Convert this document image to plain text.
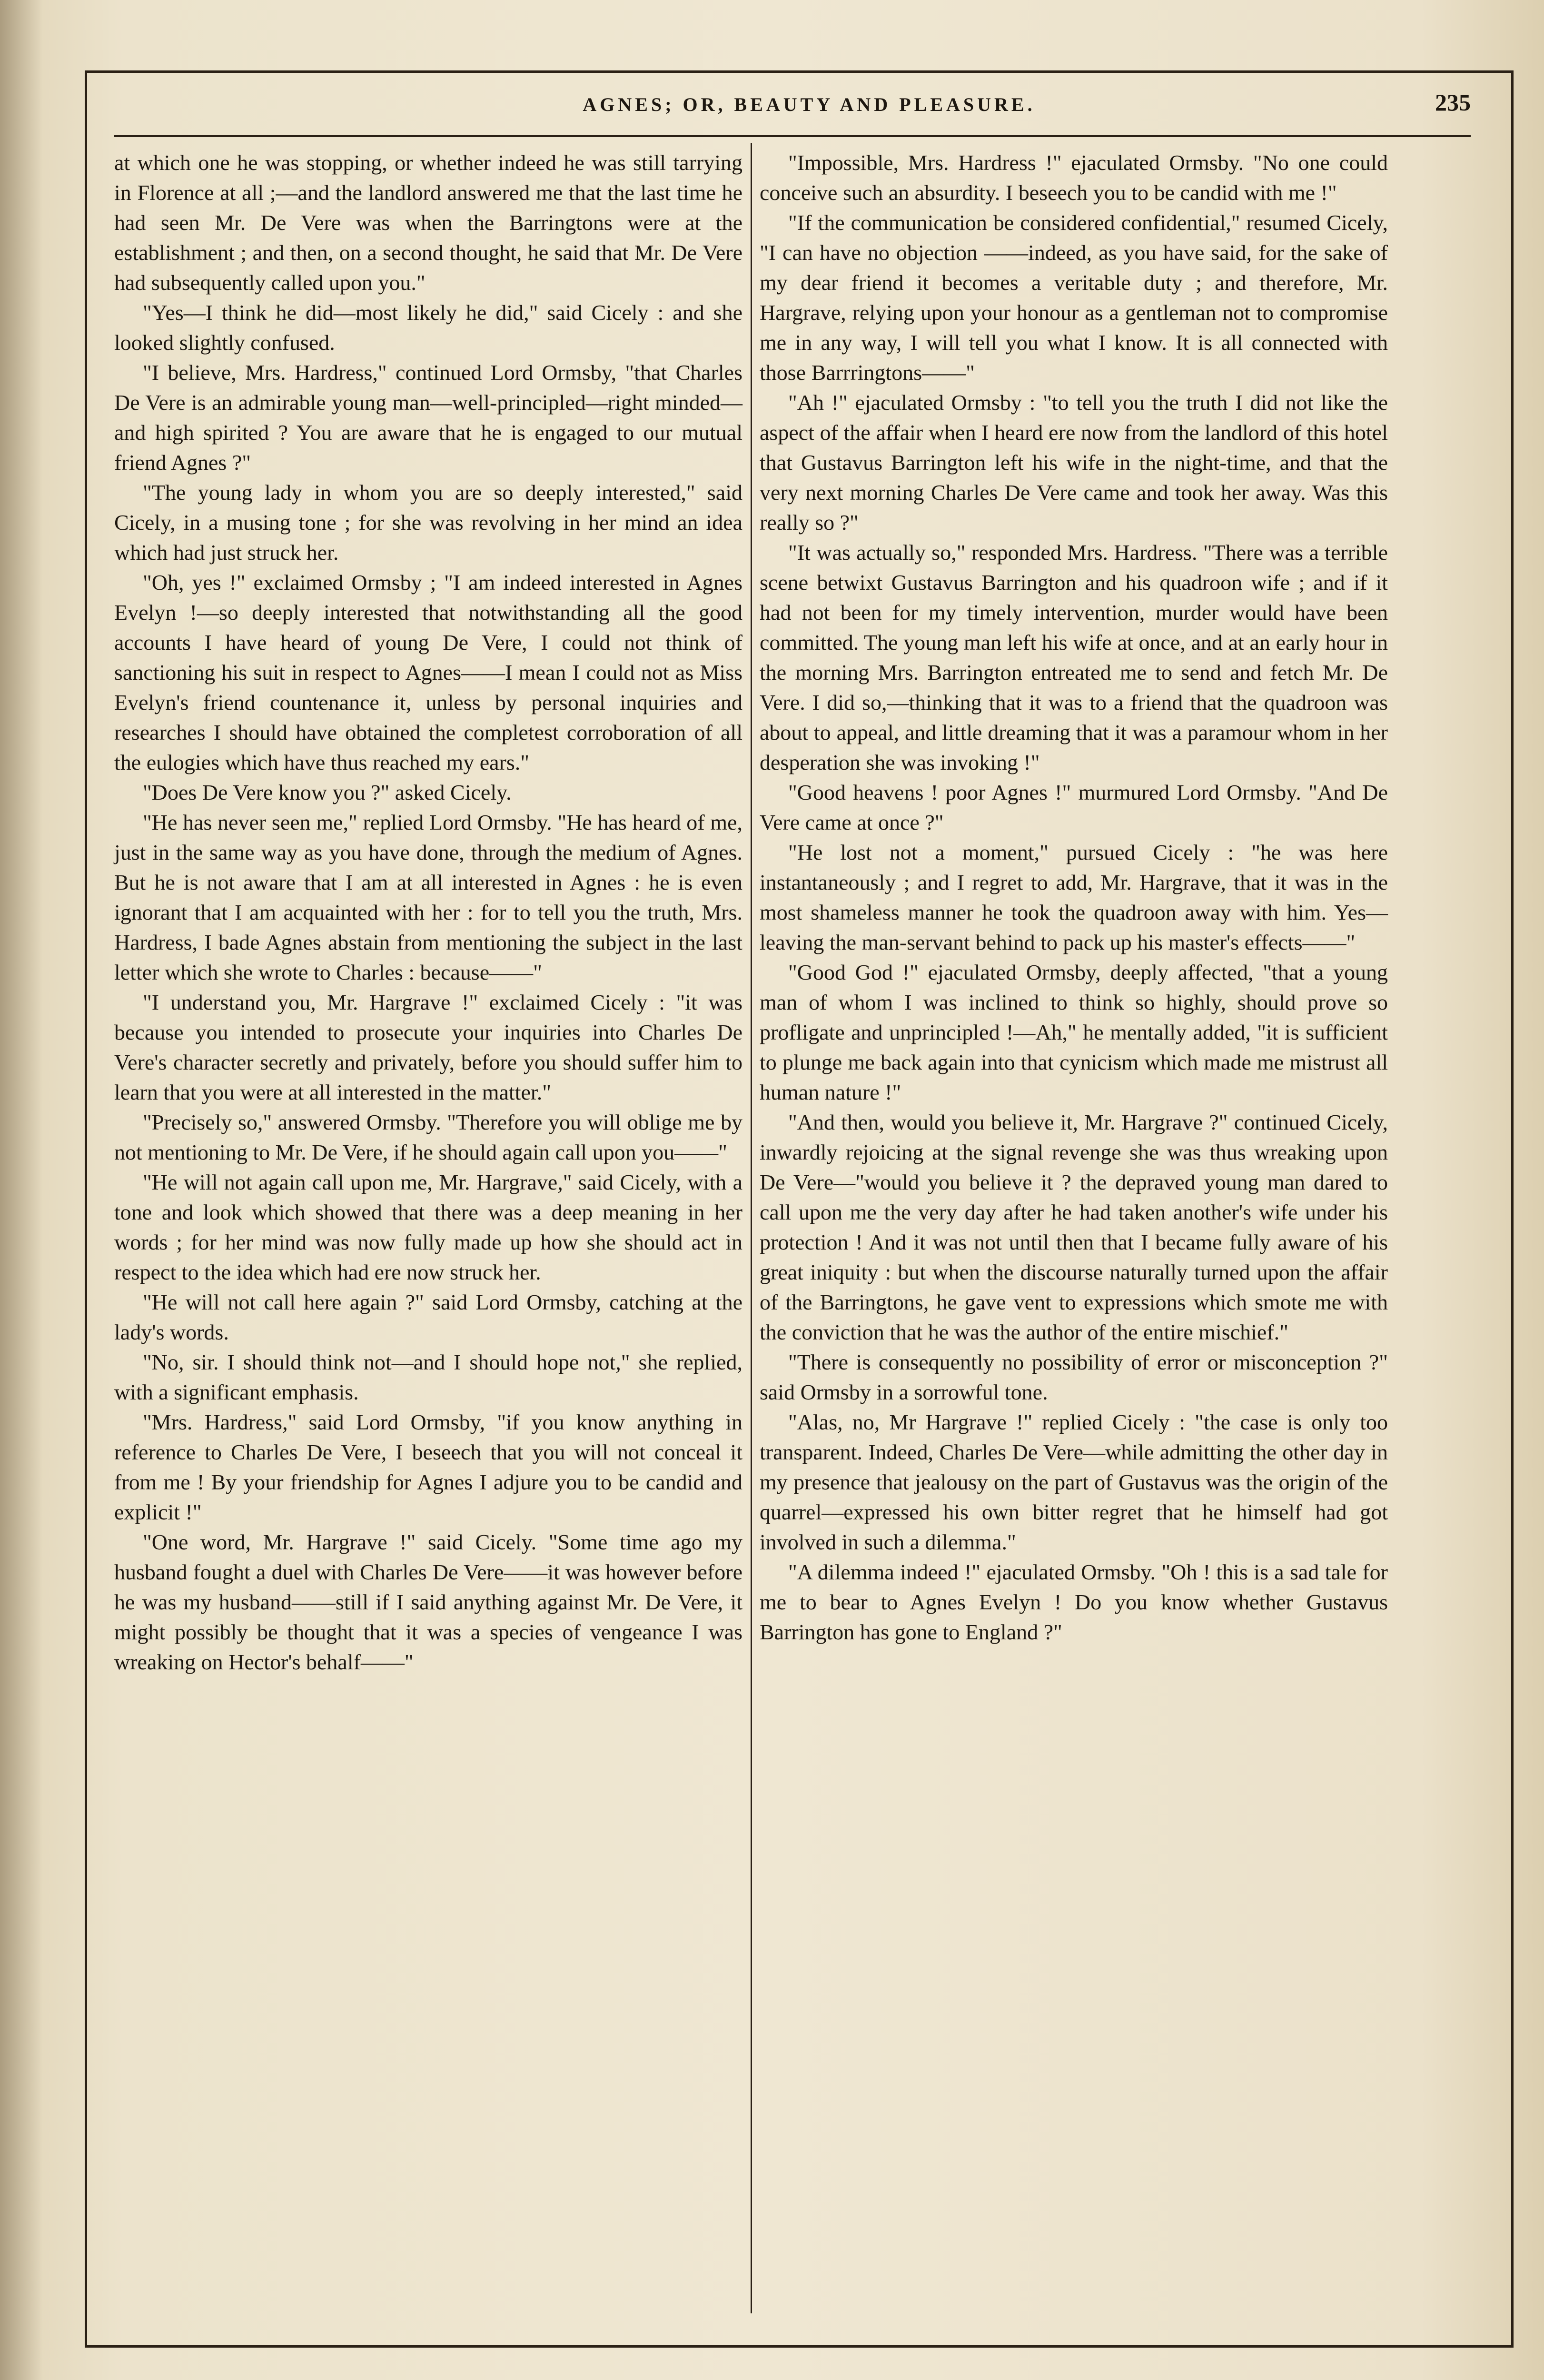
AGNES; OR, BEAUTY AND PLEASURE.	235

at which one he was stopping, or whether indeed he was still tarrying in Florence at all ;—and the landlord answered me that the last time he had seen Mr. De Vere was when the Barringtons were at the establishment ; and then, on a second thought, he said that Mr. De Vere had subsequently called upon you."

"Yes—I think he did—most likely he did," said Cicely : and she looked slightly confused.

"I believe, Mrs. Hardress," continued Lord Ormsby, "that Charles De Vere is an admirable young man—well-principled—right minded—and high spirited ? You are aware that he is engaged to our mutual friend Agnes ?"

"The young lady in whom you are so deeply interested," said Cicely, in a musing tone ; for she was revolving in her mind an idea which had just struck her.

"Oh, yes !" exclaimed Ormsby ; "I am indeed interested in Agnes Evelyn !—so deeply interested that notwithstanding all the good accounts I have heard of young De Vere, I could not think of sanctioning his suit in respect to Agnes——I mean I could not as Miss Evelyn's friend countenance it, unless by personal inquiries and researches I should have obtained the completest corroboration of all the eulogies which have thus reached my ears."

"Does De Vere know you ?" asked Cicely.

"He has never seen me," replied Lord Ormsby. "He has heard of me, just in the same way as you have done, through the medium of Agnes. But he is not aware that I am at all interested in Agnes : he is even ignorant that I am acquainted with her : for to tell you the truth, Mrs. Hardress, I bade Agnes abstain from mentioning the subject in the last letter which she wrote to Charles : because——"

"I understand you, Mr. Hargrave !" exclaimed Cicely : "it was because you intended to prosecute your inquiries into Charles De Vere's character secretly and privately, before you should suffer him to learn that you were at all interested in the matter."

"Precisely so," answered Ormsby. "Therefore you will oblige me by not mentioning to Mr. De Vere, if he should again call upon you——"

"He will not again call upon me, Mr. Hargrave," said Cicely, with a tone and look which showed that there was a deep meaning in her words ; for her mind was now fully made up how she should act in respect to the idea which had ere now struck her.

"He will not call here again ?" said Lord Ormsby, catching at the lady's words.

"No, sir. I should think not—and I should hope not," she replied, with a significant emphasis.

"Mrs. Hardress," said Lord Ormsby, "if you know anything in reference to Charles De Vere, I beseech that you will not conceal it from me ! By your friendship for Agnes I adjure you to be candid and explicit !"

"One word, Mr. Hargrave !" said Cicely. "Some time ago my husband fought a duel with Charles De Vere——it was however before he was my husband——still if I said anything against Mr. De Vere, it might possibly be thought that it was a species of vengeance I was wreaking on Hector's behalf——"

"Impossible, Mrs. Hardress !" ejaculated Ormsby. "No one could conceive such an absurdity. I beseech you to be candid with me !"

"If the communication be considered confidential," resumed Cicely, "I can have no objection ——indeed, as you have said, for the sake of my dear friend it becomes a veritable duty ; and therefore, Mr. Hargrave, relying upon your honour as a gentleman not to compromise me in any way, I will tell you what I know. It is all connected with those Barrringtons——"

"Ah !" ejaculated Ormsby : "to tell you the truth I did not like the aspect of the affair when I heard ere now from the landlord of this hotel that Gustavus Barrington left his wife in the night-time, and that the very next morning Charles De Vere came and took her away. Was this really so ?"

"It was actually so," responded Mrs. Hardress. "There was a terrible scene betwixt Gustavus Barrington and his quadroon wife ; and if it had not been for my timely intervention, murder would have been committed. The young man left his wife at once, and at an early hour in the morning Mrs. Barrington entreated me to send and fetch Mr. De Vere. I did so,—thinking that it was to a friend that the quadroon was about to appeal, and little dreaming that it was a paramour whom in her desperation she was invoking !"

"Good heavens ! poor Agnes !" murmured Lord Ormsby. "And De Vere came at once ?"

"He lost not a moment," pursued Cicely : "he was here instantaneously ; and I regret to add, Mr. Hargrave, that it was in the most shameless manner he took the quadroon away with him. Yes—leaving the man-servant behind to pack up his master's effects——"

"Good God !" ejaculated Ormsby, deeply affected, "that a young man of whom I was inclined to think so highly, should prove so profligate and unprincipled !—Ah," he mentally added, "it is sufficient to plunge me back again into that cynicism which made me mistrust all human nature !"

"And then, would you believe it, Mr. Hargrave ?" continued Cicely, inwardly rejoicing at the signal revenge she was thus wreaking upon De Vere—"would you believe it ? the depraved young man dared to call upon me the very day after he had taken another's wife under his protection ! And it was not until then that I became fully aware of his great iniquity : but when the discourse naturally turned upon the affair of the Barringtons, he gave vent to expressions which smote me with the conviction that he was the author of the entire mischief."

"There is consequently no possibility of error or misconception ?" said Ormsby in a sorrowful tone.

"Alas, no, Mr Hargrave !" replied Cicely : "the case is only too transparent. Indeed, Charles De Vere—while admitting the other day in my presence that jealousy on the part of Gustavus was the origin of the quarrel—expressed his own bitter regret that he himself had got involved in such a dilemma."

"A dilemma indeed !" ejaculated Ormsby. "Oh ! this is a sad tale for me to bear to Agnes Evelyn ! Do you know whether Gustavus Barrington has gone to England ?"
